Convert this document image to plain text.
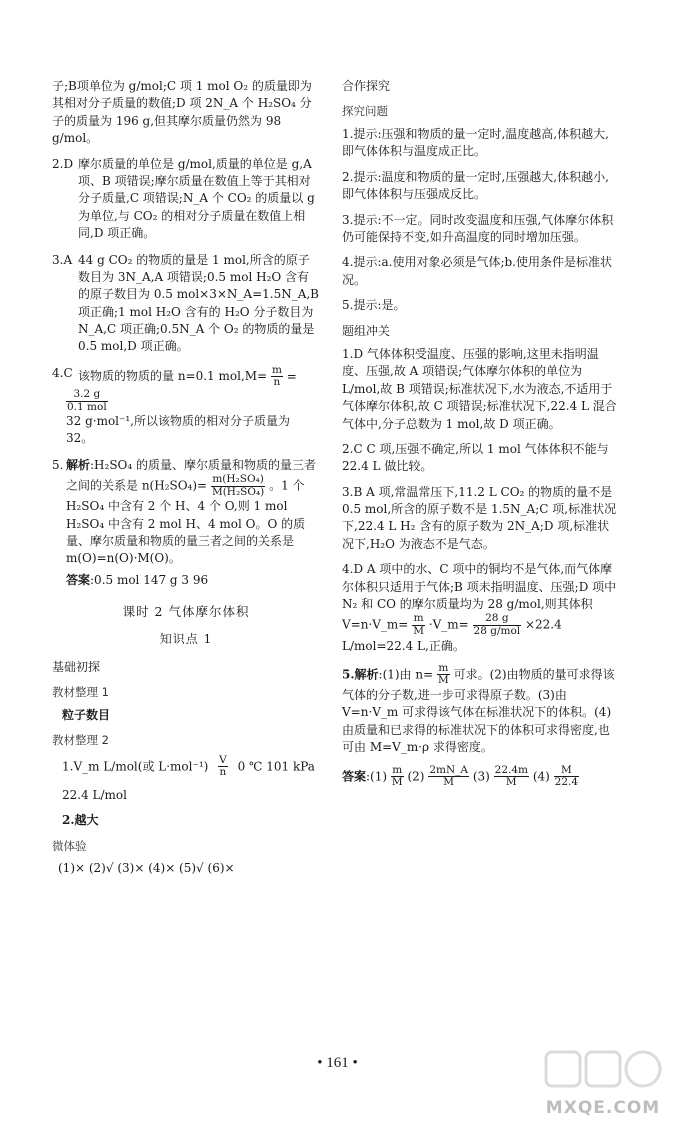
子;B项单位为 g/mol;C 项 1 mol O₂ 的质量即为其相对分子质量的数值;D 项 2N_A 个 H₂SO₄ 分子的质量为 196 g,但其摩尔质量仍然为 98 g/mol。

2.D 摩尔质量的单位是 g/mol,质量的单位是 g,A 项、B 项错误;摩尔质量在数值上等于其相对分子质量,C 项错误;N_A 个 CO₂ 的质量以 g 为单位,与 CO₂ 的相对分子质量在数值上相同,D 项正确。
3.A 44 g CO₂ 的物质的量是 1 mol,所含的原子数目为 3N_A,A 项错误;0.5 mol H₂O 含有的原子数目为 0.5 mol×3×N_A=1.5N_A,B 项正确;1 mol H₂O 含有的 H₂O 分子数目为 N_A,C 项正确;0.5N_A 个 O₂ 的物质的量是 0.5 mol,D 项正确。
4.C 该物质的物质的量 n=0.1 $mol,M= \frac{m}{n}$ =
$\frac{3.2 g}{\text{0.1 mol}}$
32 g·mol⁻¹,所以该物质的相对分子质量为 32。
5. 解析:H₂SO₄ 的质量、摩尔质量和物质的量三者之间的关系是 $n(H_2SO_4)= \frac{\text{m(H₂SO₄)}}{\text{M(H₂SO₄)}}$ 。1 个 H₂SO₄ 中含有 2 个 H、4 个 O,则 1 mol H₂SO₄ 中含有 2 mol H、4 mol O。O 的质量、摩尔质量和物质的量三者之间的关系是 m(O)=n(O)·M(O)。
答案:0.5 mol 147 g 3 96
课时 2 气体摩尔体积
知识点 1
基础初探
教材整理 1
粒子数目
教材整理 2
1.V_m L/mol(或 $L\cdot mol^{-1}) \frac{V}{n} 0$ ℃ 101 kPa
22.4 L/mol
2.越大
微体验
(1)× (2)√ (3)× (4)× (5)√ (6)×
合作探究
探究问题

1.提示:压强和物质的量一定时,温度越高,体积越大,即气体体积与温度成正比。

2.提示:温度和物质的量一定时,压强越大,体积越小,即气体体积与压强成反比。

3.提示:不一定。同时改变温度和压强,气体摩尔体积仍可能保持不变,如升高温度的同时增加压强。

4.提示:a.使用对象必须是气体;b.使用条件是标准状况。

5.提示:是。

题组冲关

1.D 气体体积受温度、压强的影响,这里未指明温度、压强,故 A 项错误;气体摩尔体积的单位为 L/mol,故 B 项错误;标准状况下,水为液态,不适用于气体摩尔体积,故 C 项错误;标准状况下,22.4 L 混合气体中,分子总数为 1 mol,故 D 项正确。

2.C C 项,压强不确定,所以 1 mol 气体体积不能与 22.4 L 做比较。

3.B A 项,常温常压下,11.2 L CO₂ 的物质的量不是 0.5 mol,所含的原子数不是 1.5N_A;C 项,标准状况下,22.4 L H₂ 含有的原子数为 2N_A;D 项,标准状况下,H₂O 为液态不是气态。

4.D A 项中的水、C 项中的铜均不是气体,而气体摩尔体积只适用于气体;B 项未指明温度、压强;D 项中 N₂ 和 CO 的摩尔质量均为 28 g/mol,则其体积 V=n·V_m= $\frac{m}{M}$ ·V_m= $\frac{28 g}{\text{28 g/mol}} \times 22.4$ L/mol=22.4 L,正确。

5.解析:(1)由 $n= \frac{m}{M}$ 可求。(2)由物质的量可求得该气体的分子数,进一步可求得原子数。(3)由 V=n·V_m 可求得该气体在标准状况下的体积。(4)由质量和已求得的标准状况下的体积可求得密度,也可由 M=V_m·ρ 求得密度。

答案:(1) $\frac{m}{M} (2) \frac{2mN\_A}{M} (3) \frac{22.4m}{M} (4) \frac{M}{22.4}$
• 161 •
MXQE.COM
